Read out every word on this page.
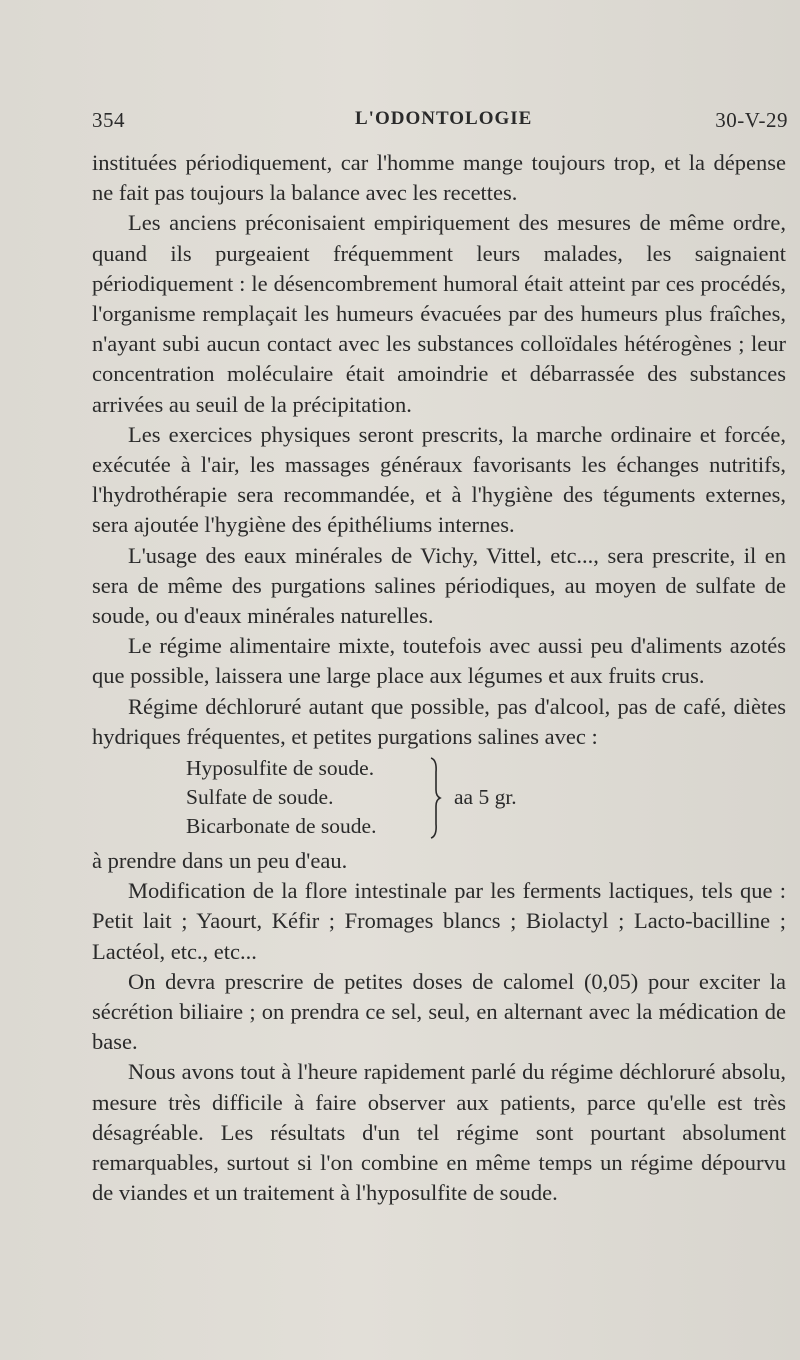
354	L'ODONTOLOGIE	30-V-29

instituées périodiquement, car l'homme mange toujours trop, et la dépense ne fait pas toujours la balance avec les recettes.

Les anciens préconisaient empiriquement des mesures de même ordre, quand ils purgeaient fréquemment leurs malades, les saignaient périodiquement : le désencombrement humoral était atteint par ces procédés, l'organisme remplaçait les humeurs évacuées par des humeurs plus fraîches, n'ayant subi aucun contact avec les substances colloïdales hétérogènes ; leur concentration moléculaire était amoindrie et débarrassée des substances arrivées au seuil de la précipitation.

Les exercices physiques seront prescrits, la marche ordinaire et forcée, exécutée à l'air, les massages généraux favorisants les échanges nutritifs, l'hydrothérapie sera recommandée, et à l'hygiène des téguments externes, sera ajoutée l'hygiène des épithéliums internes.

L'usage des eaux minérales de Vichy, Vittel, etc..., sera prescrite, il en sera de même des purgations salines périodiques, au moyen de sulfate de soude, ou d'eaux minérales naturelles.

Le régime alimentaire mixte, toutefois avec aussi peu d'aliments azotés que possible, laissera une large place aux légumes et aux fruits crus.

Régime déchloruré autant que possible, pas d'alcool, pas de café, diètes hydriques fréquentes, et petites purgations salines avec :

Hyposulfite de soude.
Sulfate de soude.
Bicarbonate de soude.
aa 5 gr.

à prendre dans un peu d'eau.

Modification de la flore intestinale par les ferments lactiques, tels que : Petit lait ; Yaourt, Kéfir ; Fromages blancs ; Biolactyl ; Lacto-bacilline ; Lactéol, etc., etc...

On devra prescrire de petites doses de calomel (0,05) pour exciter la sécrétion biliaire ; on prendra ce sel, seul, en alternant avec la médication de base.

Nous avons tout à l'heure rapidement parlé du régime déchloruré absolu, mesure très difficile à faire observer aux patients, parce qu'elle est très désagréable. Les résultats d'un tel régime sont pourtant absolument remarquables, surtout si l'on combine en même temps un régime dépourvu de viandes et un traitement à l'hyposulfite de soude.
